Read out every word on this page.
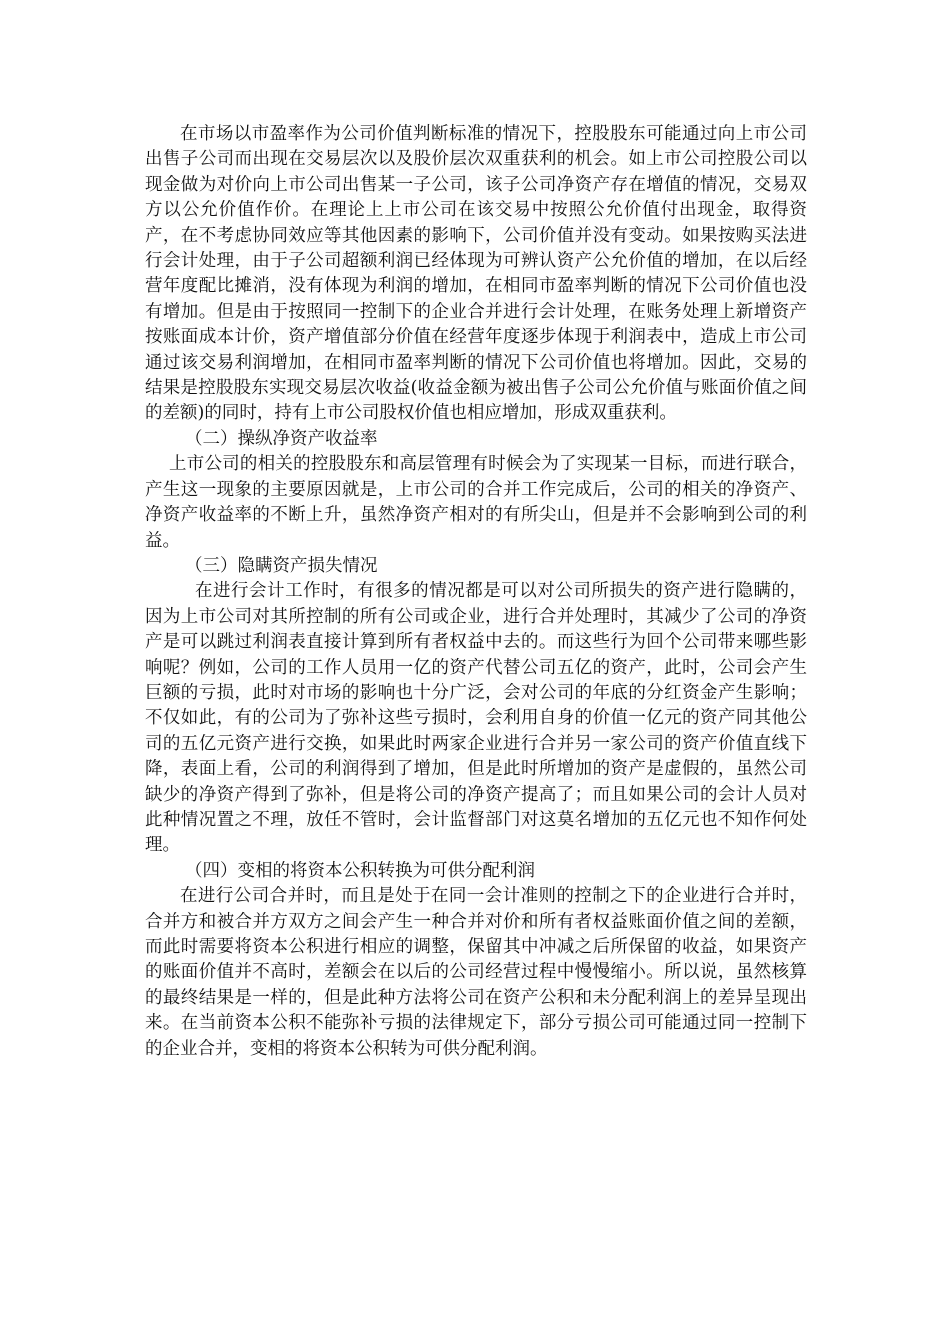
在市场以市盈率作为公司价值判断标准的情况下，控股股东可能通过向上市公司出售子公司而出现在交易层次以及股价层次双重获利的机会。如上市公司控股公司以现金做为对价向上市公司出售某一子公司，该子公司净资产存在增值的情况，交易双方以公允价值作价。在理论上上市公司在该交易中按照公允价值付出现金，取得资产，在不考虑协同效应等其他因素的影响下，公司价值并没有变动。如果按购买法进行会计处理，由于子公司超额利润已经体现为可辨认资产公允价值的增加，在以后经营年度配比摊消，没有体现为利润的增加，在相同市盈率判断的情况下公司价值也没有增加。但是由于按照同一控制下的企业合并进行会计处理，在账务处理上新增资产按账面成本计价，资产增值部分价值在经营年度逐步体现于利润表中，造成上市公司通过该交易利润增加，在相同市盈率判断的情况下公司价值也将增加。因此，交易的结果是控股股东实现交易层次收益(收益金额为被出售子公司公允价值与账面价值之间的差额)的同时，持有上市公司股权价值也相应增加，形成双重获利。

（二）操纵净资产收益率

上市公司的相关的控股股东和高层管理有时候会为了实现某一目标，而进行联合，产生这一现象的主要原因就是，上市公司的合并工作完成后，公司的相关的净资产、净资产收益率的不断上升，虽然净资产相对的有所尖山，但是并不会影响到公司的利益。

（三）隐瞒资产损失情况

在进行会计工作时，有很多的情况都是可以对公司所损失的资产进行隐瞒的，因为上市公司对其所控制的所有公司或企业，进行合并处理时，其减少了公司的净资产是可以跳过利润表直接计算到所有者权益中去的。而这些行为回个公司带来哪些影响呢？例如，公司的工作人员用一亿的资产代替公司五亿的资产，此时，公司会产生巨额的亏损，此时对市场的影响也十分广泛，会对公司的年底的分红资金产生影响；不仅如此，有的公司为了弥补这些亏损时，会利用自身的价值一亿元的资产同其他公司的五亿元资产进行交换，如果此时两家企业进行合并另一家公司的资产价值直线下降，表面上看，公司的利润得到了增加，但是此时所增加的资产是虚假的，虽然公司缺少的净资产得到了弥补，但是将公司的净资产提高了；而且如果公司的会计人员对此种情况置之不理，放任不管时，会计监督部门对这莫名增加的五亿元也不知作何处理。

（四）变相的将资本公积转换为可供分配利润

在进行公司合并时，而且是处于在同一会计准则的控制之下的企业进行合并时，合并方和被合并方双方之间会产生一种合并对价和所有者权益账面价值之间的差额，而此时需要将资本公积进行相应的调整，保留其中冲减之后所保留的收益，如果资产的账面价值并不高时，差额会在以后的公司经营过程中慢慢缩小。所以说，虽然核算的最终结果是一样的，但是此种方法将公司在资产公积和未分配利润上的差异呈现出来。在当前资本公积不能弥补亏损的法律规定下，部分亏损公司可能通过同一控制下的企业合并，变相的将资本公积转为可供分配利润。
